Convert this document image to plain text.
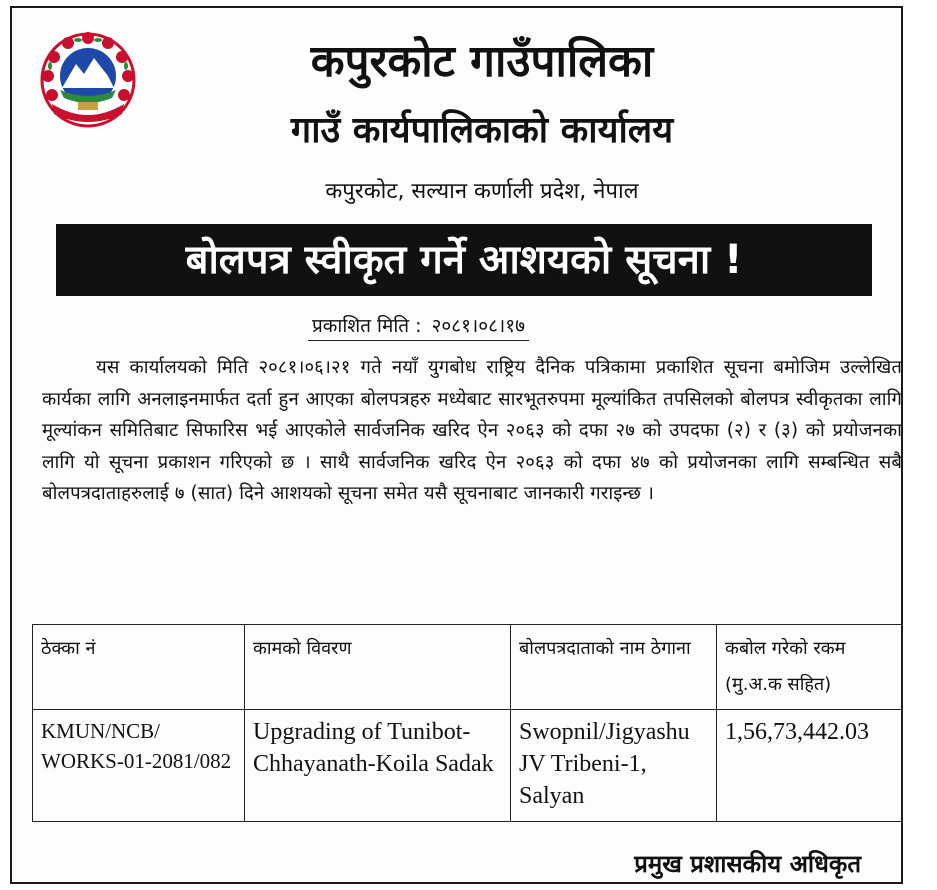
कपुरकोट गाउँपालिका
गाउँ कार्यपालिकाको कार्यालय
कपुरकोट, सल्यान कर्णाली प्रदेश, नेपाल
बोलपत्र स्वीकृत गर्ने आशयको सूचना !
प्रकाशित मिति : २०८१।०८।१७
यस कार्यालयको मिति २०८१।०६।२१ गते नयाँ युगबोध राष्ट्रिय दैनिक पत्रिकामा प्रकाशित सूचना बमोजिम उल्लेखित कार्यका लागि अनलाइनमार्फत दर्ता हुन आएका बोलपत्रहरु मध्येबाट सारभूतरुपमा मूल्यांकित तपसिलको बोलपत्र स्वीकृतका लागि मूल्यांकन समितिबाट सिफारिस भई आएकोले सार्वजनिक खरिद ऐन २०६३ को दफा २७ को उपदफा (२) र (३) को प्रयोजनका लागि यो सूचना प्रकाशन गरिएको छ । साथै सार्वजनिक खरिद ऐन २०६३ को दफा ४७ को प्रयोजनका लागि सम्बन्धित सबै बोलपत्रदाताहरुलाई ७ (सात) दिने आशयको सूचना समेत यसै सूचनाबाट जानकारी गराइन्छ ।
ठेक्का नं	कामको विवरण	बोलपत्रदाताको नाम ठेगाना	कबोल गरेको रकम (मु.अ.क सहित)
KMUN/NCB/ WORKS-01-2081/082	Upgrading of Tunibot-Chhayanath-Koila Sadak	Swopnil/Jigyashu JV Tribeni-1, Salyan	1,56,73,442.03
प्रमुख प्रशासकीय अधिकृत
